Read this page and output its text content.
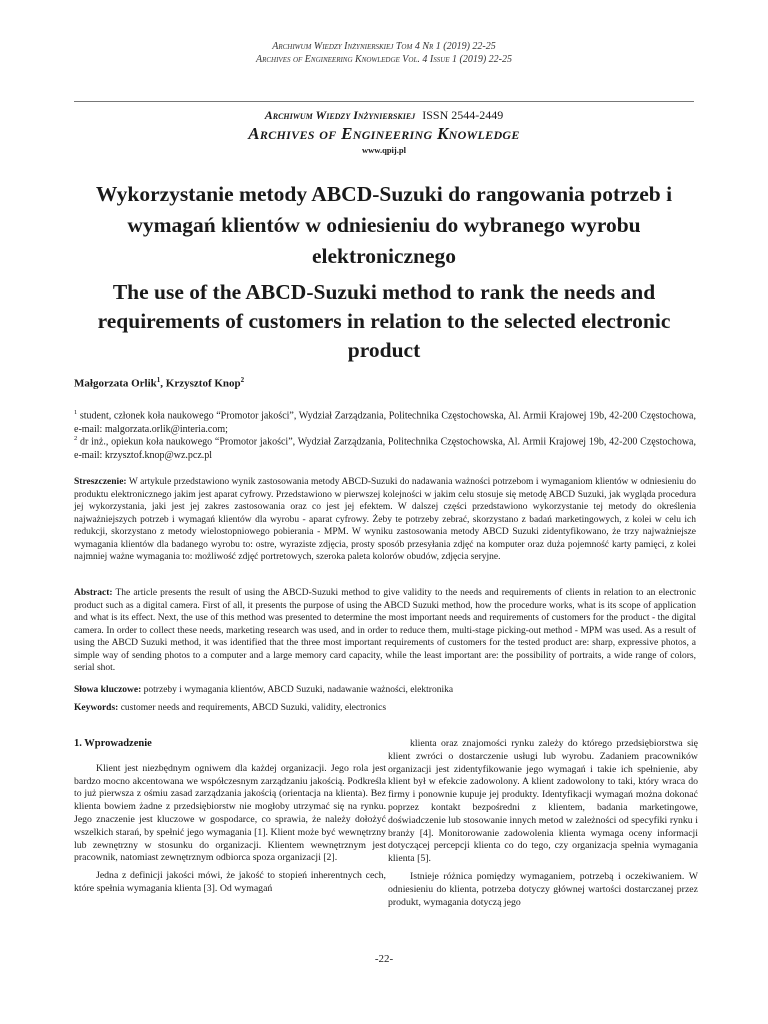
Archiwum Wiedzy Inżynierskiej Tom 4 Nr 1 (2019) 22-25
Archives of Engineering Knowledge Vol. 4 Issue 1 (2019) 22-25
Archiwum Wiedzy Inżynierskiej ISSN 2544-2449
Archives of Engineering Knowledge
www.qpij.pl
Wykorzystanie metody ABCD-Suzuki do rangowania potrzeb i wymagań klientów w odniesieniu do wybranego wyrobu elektronicznego
The use of the ABCD-Suzuki method to rank the needs and requirements of customers in relation to the selected electronic product
Małgorzata Orlik$^1$, Krzysztof Knop$^2$
$^1$ student, członek koła naukowego “Promotor jakości”, Wydział Zarządzania, Politechnika Częstochowska, Al. Armii Krajowej 19b, 42-200 Częstochowa, e-mail: malgorzata.orlik@interia.com;
$^2$ dr inż., opiekun koła naukowego “Promotor jakości”, Wydział Zarządzania, Politechnika Częstochowska, Al. Armii Krajowej 19b, 42-200 Częstochowa, e-mail: krzysztof.knop@wz.pcz.pl
Streszczenie: W artykule przedstawiono wynik zastosowania metody ABCD-Suzuki do nadawania ważności potrzebom i wymaganiom klientów w odniesieniu do produktu elektronicznego jakim jest aparat cyfrowy. Przedstawiono w pierwszej kolejności w jakim celu stosuje się metodę ABCD Suzuki, jak wygląda procedura jej wykorzystania, jaki jest jej zakres zastosowania oraz co jest jej efektem. W dalszej części przedstawiono wykorzystanie tej metody do określenia najważniejszych potrzeb i wymagań klientów dla wyrobu - aparat cyfrowy. Żeby te potrzeby zebrać, skorzystano z badań marketingowych, z kolei w celu ich redukcji, skorzystano z metody wielostopniowego pobierania - MPM. W wyniku zastosowania metody ABCD Suzuki zidentyfikowano, że trzy najważniejsze wymagania klientów dla badanego wyrobu to: ostre, wyraziste zdjęcia, prosty sposób przesyłania zdjęć na komputer oraz duża pojemność karty pamięci, z kolei najmniej ważne wymagania to: możliwość zdjęć portretowych, szeroka paleta kolorów obudów, zdjęcia seryjne.
Abstract: The article presents the result of using the ABCD-Suzuki method to give validity to the needs and requirements of clients in relation to an electronic product such as a digital camera. First of all, it presents the purpose of using the ABCD Suzuki method, how the procedure works, what is its scope of application and what is its effect. Next, the use of this method was presented to determine the most important needs and requirements of customers for the product - the digital camera. In order to collect these needs, marketing research was used, and in order to reduce them, multi-stage picking-out method - MPM was used. As a result of using the ABCD Suzuki method, it was identified that the three most important requirements of customers for the tested product are: sharp, expressive photos, a simple way of sending photos to a computer and a large memory card capacity, while the least important are: the possibility of portraits, a wide range of colors, serial shot.
Słowa kluczowe: potrzeby i wymagania klientów, ABCD Suzuki, nadawanie ważności, elektronika
Keywords: customer needs and requirements, ABCD Suzuki, validity, electronics
1. Wprowadzenie

Klient jest niezbędnym ogniwem dla każdej organizacji. Jego rola jest bardzo mocno akcentowana we współczesnym zarządzaniu jakością. Podkreśla to już pierwsza z ośmiu zasad zarządzania jakością (orientacja na klienta). Bez klienta bowiem żadne z przedsiębiorstw nie mogłoby utrzymać się na rynku. Jego znaczenie jest kluczowe w gospodarce, co sprawia, że należy dołożyć wszelkich starań, by spełnić jego wymagania [1]. Klient może być wewnętrzny lub zewnętrzny w stosunku do organizacji. Klientem wewnętrznym jest pracownik, natomiast zewnętrznym odbiorca spoza organizacji [2].

Jedna z definicji jakości mówi, że jakość to stopień inherentnych cech, które spełnia wymagania klienta [3]. Od wymagań

klienta oraz znajomości rynku zależy do którego przedsiębiorstwa się klient zwróci o dostarczenie usługi lub wyrobu. Zadaniem pracowników organizacji jest zidentyfikowanie jego wymagań i takie ich spełnienie, aby klient był w efekcie zadowolony. A klient zadowolony to taki, który wraca do firmy i ponownie kupuje jej produkty. Identyfikacji wymagań można dokonać poprzez kontakt bezpośredni z klientem, badania marketingowe, doświadczenie lub stosowanie innych metod w zależności od specyfiki rynku i branży [4]. Monitorowanie zadowolenia klienta wymaga oceny informacji dotyczącej percepcji klienta co do tego, czy organizacja spełnia wymagania klienta [5].

Istnieje różnica pomiędzy wymaganiem, potrzebą i oczekiwaniem. W odniesieniu do klienta, potrzeba dotyczy głównej wartości dostarczanej przez produkt, wymagania dotyczą jego

-22-
